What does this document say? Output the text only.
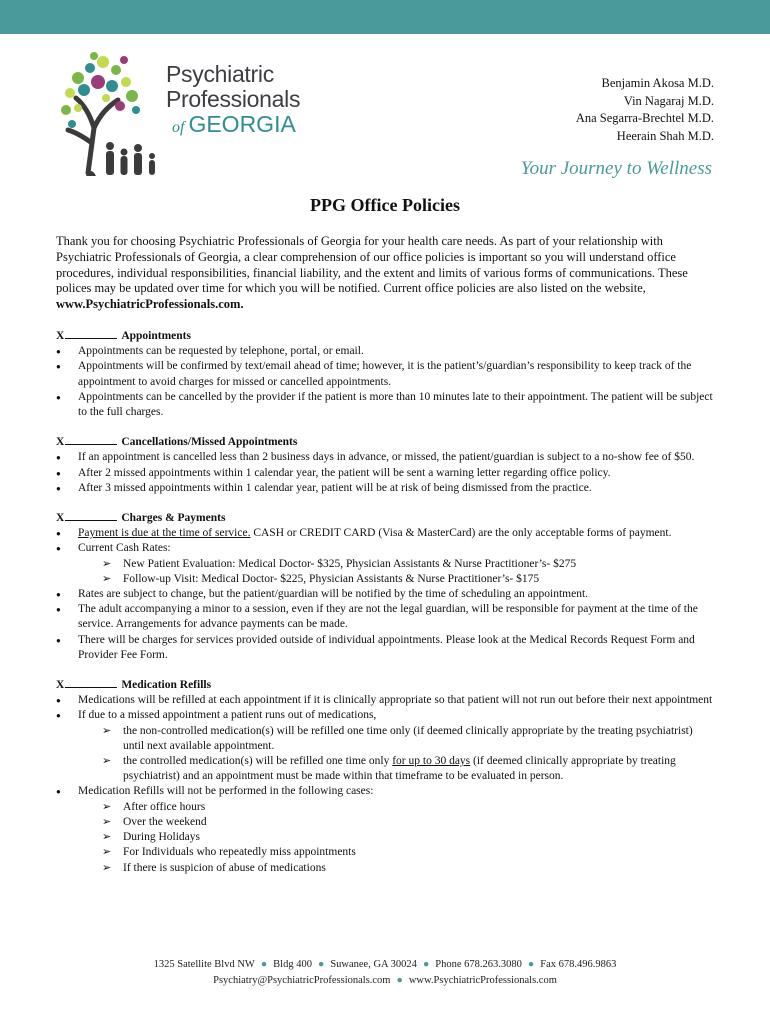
Psychiatric
Professionals
of GEORGIA
Benjamin Akosa M.D.
Vin Nagaraj M.D.
Ana Segarra-Brechtel M.D.
Heerain Shah M.D.
Your Journey to Wellness
PPG Office Policies
Thank you for choosing Psychiatric Professionals of Georgia for your health care needs. As part of your relationship with Psychiatric Professionals of Georgia, a clear comprehension of our office policies is important so you will understand office procedures, individual responsibilities, financial liability, and the extent and limits of various forms of communications. These polices may be updated over time for which you will be notified. Current office policies are also listed on the website, www.PsychiatricProfessionals.com.
X	Appointments
● Appointments can be requested by telephone, portal, or email.
● Appointments will be confirmed by text/email ahead of time; however, it is the patient’s/guardian’s responsibility to keep track of the appointment to avoid charges for missed or cancelled appointments.
● Appointments can be cancelled by the provider if the patient is more than 10 minutes late to their appointment. The patient will be subject to the full charges.
X	Cancellations/Missed Appointments
● If an appointment is cancelled less than 2 business days in advance, or missed, the patient/guardian is subject to a no-show fee of $50.
● After 2 missed appointments within 1 calendar year, the patient will be sent a warning letter regarding office policy.
● After 3 missed appointments within 1 calendar year, patient will be at risk of being dismissed from the practice.
X	Charges & Payments
● Payment is due at the time of service. CASH or CREDIT CARD (Visa & MasterCard) are the only acceptable forms of payment.
● Current Cash Rates:
➢ New Patient Evaluation: Medical Doctor- $325, Physician Assistants & Nurse Practitioner’s- $275
➢ Follow-up Visit: Medical Doctor- $225, Physician Assistants & Nurse Practitioner’s- $175
● Rates are subject to change, but the patient/guardian will be notified by the time of scheduling an appointment.
● The adult accompanying a minor to a session, even if they are not the legal guardian, will be responsible for payment at the time of the service. Arrangements for advance payments can be made.
● There will be charges for services provided outside of individual appointments. Please look at the Medical Records Request Form and Provider Fee Form.
X	Medication Refills
● Medications will be refilled at each appointment if it is clinically appropriate so that patient will not run out before their next appointment
● If due to a missed appointment a patient runs out of medications,
➢ the non-controlled medication(s) will be refilled one time only (if deemed clinically appropriate by the treating psychiatrist) until next available appointment.
➢ the controlled medication(s) will be refilled one time only for up to 30 days (if deemed clinically appropriate by treating psychiatrist) and an appointment must be made within that timeframe to be evaluated in person.
● Medication Refills will not be performed in the following cases:
➢ After office hours
➢ Over the weekend
➢ During Holidays
➢ For Individuals who repeatedly miss appointments
➢ If there is suspicion of abuse of medications
1325 Satellite Blvd NW ● Bldg 400 ● Suwanee, GA 30024 ● Phone 678.263.3080 ● Fax 678.496.9863
Psychiatry@PsychiatricProfessionals.com ● www.PsychiatricProfessionals.com
